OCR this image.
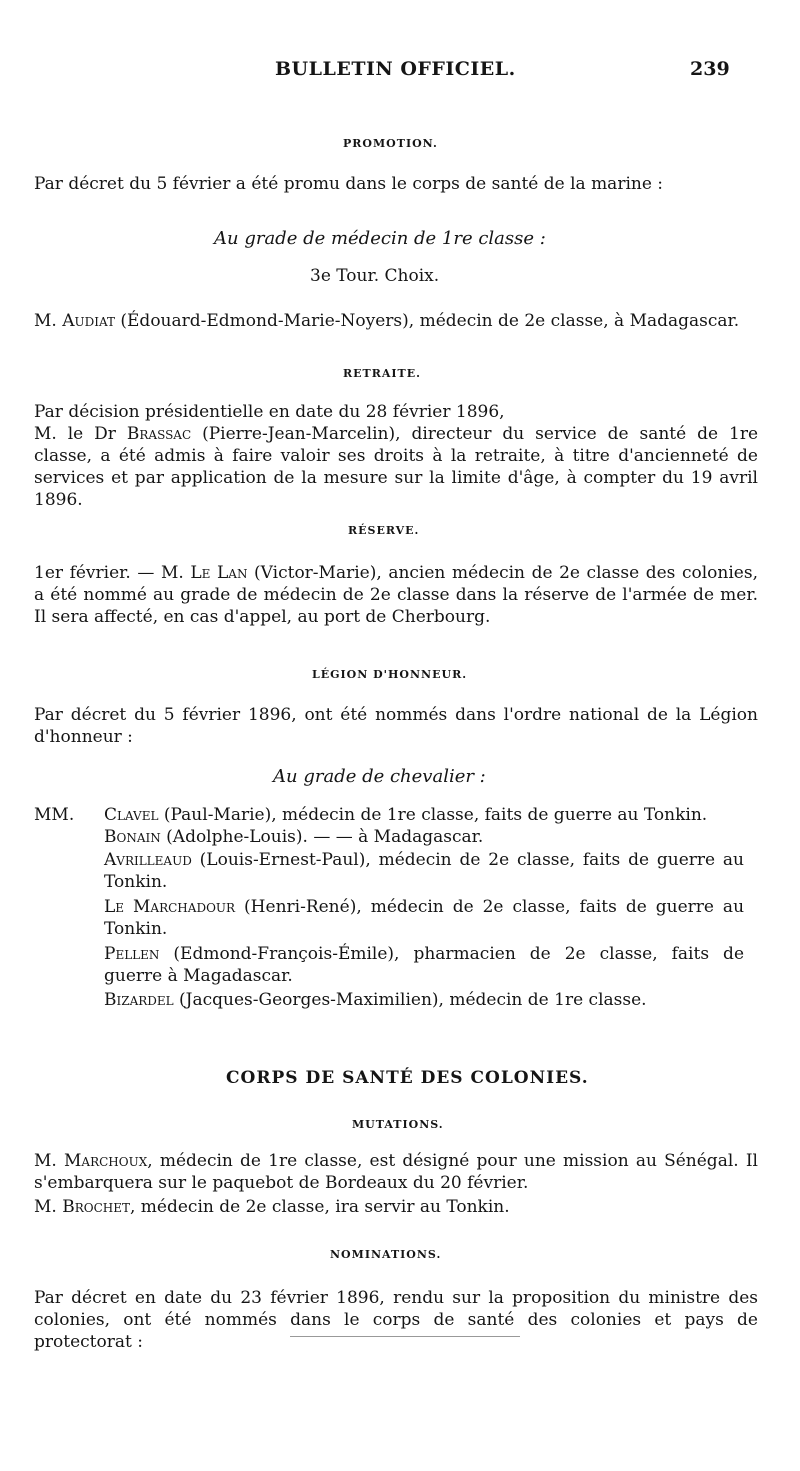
BULLETIN OFFICIEL.	239
PROMOTION.
Par décret du 5 février a été promu dans le corps de santé de la marine :
Au grade de médecin de 1re classe :
3e Tour. Choix.
M. Audiat (Édouard-Edmond-Marie-Noyers), médecin de 2e classe, à Madagascar.
RETRAITE.
Par décision présidentielle en date du 28 février 1896,
M. le Dr Brassac (Pierre-Jean-Marcelin), directeur du service de santé de 1re classe, a été admis à faire valoir ses droits à la retraite, à titre d'ancienneté de services et par application de la mesure sur la limite d'âge, à compter du 19 avril 1896.
RÉSERVE.
1er février. — M. Le Lan (Victor-Marie), ancien médecin de 2e classe des colonies, a été nommé au grade de médecin de 2e classe dans la réserve de l'armée de mer. Il sera affecté, en cas d'appel, au port de Cherbourg.
LÉGION D'HONNEUR.
Par décret du 5 février 1896, ont été nommés dans l'ordre national de la Légion d'honneur :
Au grade de chevalier :
MM. Clavel (Paul-Marie), médecin de 1re classe, faits de guerre au Tonkin.
Bonain (Adolphe-Louis). — — à Madagascar.
Avrilleaud (Louis-Ernest-Paul), médecin de 2e classe, faits de guerre au Tonkin.
Le Marchadour (Henri-René), médecin de 2e classe, faits de guerre au Tonkin.
Pellen (Edmond-François-Émile), pharmacien de 2e classe, faits de guerre à Magadascar.
Bizardel (Jacques-Georges-Maximilien), médecin de 1re classe.
CORPS DE SANTÉ DES COLONIES.
MUTATIONS.
M. Marchoux, médecin de 1re classe, est désigné pour une mission au Sénégal. Il s'embarquera sur le paquebot de Bordeaux du 20 février.
M. Brochet, médecin de 2e classe, ira servir au Tonkin.
NOMINATIONS.
Par décret en date du 23 février 1896, rendu sur la proposition du ministre des colonies, ont été nommés dans le corps de santé des colonies et pays de protectorat :
